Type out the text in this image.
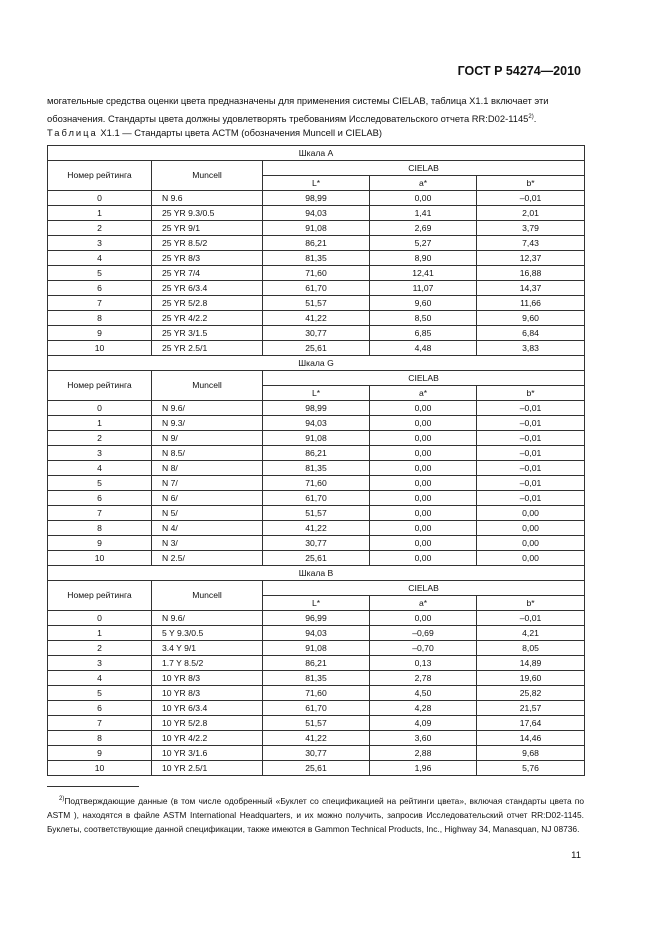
ГОСТ Р 54274—2010
могательные средства оценки цвета предназначены для применения системы CIELAB, таблица X1.1 включает эти обозначения. Стандарты цвета должны удовлетворять требованиям Исследовательского отчета RR:D02-1145$^{2)}$.
Таблица X1.1 — Стандарты цвета ACTM (обозначения Muncell и CIELAB)
Шкала A				
Номер рейтинга	Muncell	CIELAB		
		L*	a*	b*
0	N 9.6	98,99	0,00	–0,01
1	25 YR 9.3/0.5	94,03	1,41	2,01
2	25 YR 9/1	91,08	2,69	3,79
3	25 YR 8.5/2	86,21	5,27	7,43
4	25 YR 8/3	81,35	8,90	12,37
5	25 YR 7/4	71,60	12,41	16,88
6	25 YR 6/3.4	61,70	11,07	14,37
7	25 YR 5/2.8	51,57	9,60	11,66
8	25 YR 4/2.2	41,22	8,50	9,60
9	25 YR 3/1.5	30,77	6,85	6,84
10	25 YR 2.5/1	25,61	4,48	3,83
Шкала G				
Номер рейтинга	Muncell	CIELAB		
		L*	a*	b*
0	N 9.6/	98,99	0,00	–0,01
1	N 9.3/	94,03	0,00	–0,01
2	N 9/	91,08	0,00	–0,01
3	N 8.5/	86,21	0,00	–0,01
4	N 8/	81,35	0,00	–0,01
5	N 7/	71,60	0,00	–0,01
6	N 6/	61,70	0,00	–0,01
7	N 5/	51,57	0,00	0,00
8	N 4/	41,22	0,00	0,00
9	N 3/	30,77	0,00	0,00
10	N 2.5/	25,61	0,00	0,00
Шкала B				
Номер рейтинга	Muncell	CIELAB		
		L*	a*	b*
0	N 9.6/	96,99	0,00	–0,01
1	5 Y 9.3/0.5	94,03	–0,69	4,21
2	3.4 Y 9/1	91,08	–0,70	8,05
3	1.7 Y 8.5/2	86,21	0,13	14,89
4	10 YR 8/3	81,35	2,78	19,60
5	10 YR 8/3	71,60	4,50	25,82
6	10 YR 6/3.4	61,70	4,28	21,57
7	10 YR 5/2.8	51,57	4,09	17,64
8	10 YR 4/2.2	41,22	3,60	14,46
9	10 YR 3/1.6	30,77	2,88	9,68
10	10 YR 2.5/1	25,61	1,96	5,76

$^{2)}$Подтверждающие данные (в том числе одобренный «Буклет со спецификацией на рейтинги цвета», включая стандарты цвета по ASTM ), находятся в файле ASTM International Headquarters, и их можно получить, запросив Исследовательский отчет RR:D02-1145. Буклеты, соответствующие данной спецификации, также имеются в Gammon Technical Products, Inc., Highway 34, Manasquan, NJ 08736.

11
